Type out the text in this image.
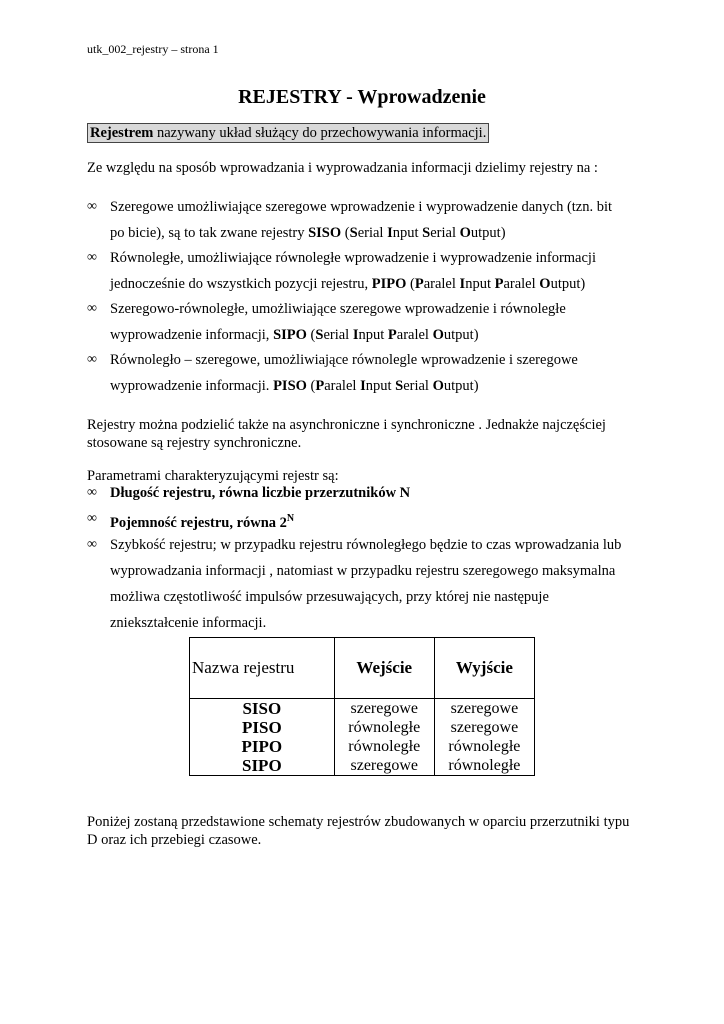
utk_002_rejestry – strona 1
REJESTRY - Wprowadzenie
Rejestrem nazywany układ służący do przechowywania informacji.
Ze względu na sposób wprowadzania i wyprowadzania informacji dzielimy rejestry na :
∞ Szeregowe umożliwiające szeregowe wprowadzenie i wyprowadzenie danych (tzn. bit
po bicie), są to tak zwane rejestry SISO (Serial Input Serial Output)
∞ Równoległe, umożliwiające równoległe wprowadzenie i wyprowadzenie informacji
jednocześnie do wszystkich pozycji rejestru, PIPO (Paralel Input Paralel Output)
∞ Szeregowo-równoległe, umożliwiające szeregowe wprowadzenie i równoległe
wyprowadzenie informacji, SIPO (Serial Input Paralel Output)
∞ Równoległo – szeregowe, umożliwiające równolegle wprowadzenie i szeregowe
wyprowadzenie informacji. PISO (Paralel Input Serial Output)
Rejestry można podzielić także na asynchroniczne i synchroniczne . Jednakże najczęściej
stosowane są rejestry synchroniczne.
Parametrami charakteryzującymi rejestr są:
∞ Długość rejestru, równa liczbie przerzutników N
∞ Pojemność rejestru, równa $2^N$
∞ Szybkość rejestru; w przypadku rejestru równoległego będzie to czas wprowadzania lub
wyprowadzania informacji , natomiast w przypadku rejestru szeregowego maksymalna
możliwa częstotliwość impulsów przesuwających, przy której nie następuje
zniekształcenie informacji.
Nazwa rejestru	Wejście	Wyjście
SISO	szeregowe	szeregowe
PISO	równoległe	szeregowe
PIPO	równoległe	równoległe
SIPO	szeregowe	równoległe
Poniżej zostaną przedstawione schematy rejestrów zbudowanych w oparciu przerzutniki typu
D oraz ich przebiegi czasowe.
